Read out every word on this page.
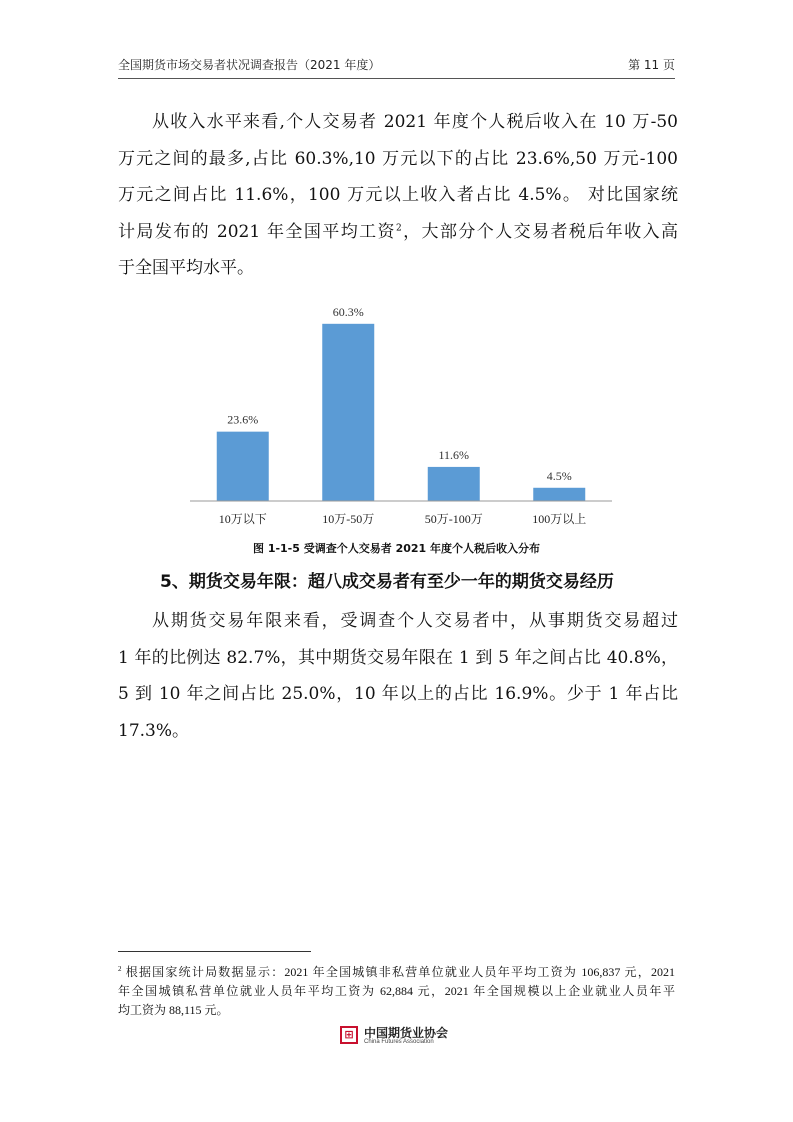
全国期货市场交易者状况调查报告（2021 年度）	第 11 页
从收入水平来看,个人交易者 2021 年度个人税后收入在 10 万-50
万元之间的最多,占比 60.3%,10 万元以下的占比 23.6%,50 万元-100
万元之间占比 11.6%，100 万元以上收入者占比 4.5%。 对比国家统
计局发布的 2021 年全国平均工资$^2$，大部分个人交易者税后年收入高
于全国平均水平。
23.6%
10万以下
60.3%
10万-50万
11.6%
50万-100万
4.5%
100万以上
图 1-1-5 受调查个人交易者 2021 年度个人税后收入分布
5、期货交易年限：超八成交易者有至少一年的期货交易经历
从期货交易年限来看，受调查个人交易者中，从事期货交易超过
1 年的比例达 82.7%，其中期货交易年限在 1 到 5 年之间占比 40.8%，
5 到 10 年之间占比 25.0%，10 年以上的占比 16.9%。少于 1 年占比
17.3%。
$^2$ 根据国家统计局数据显示：2021 年全国城镇非私营单位就业人员年平均工资为 106,837 元，2021
年全国城镇私营单位就业人员年平均工资为 62,884 元，2021 年全国规模以上企业就业人员年平
均工资为 88,115 元。
⊞ 中国期货业协会
China Futures Association
